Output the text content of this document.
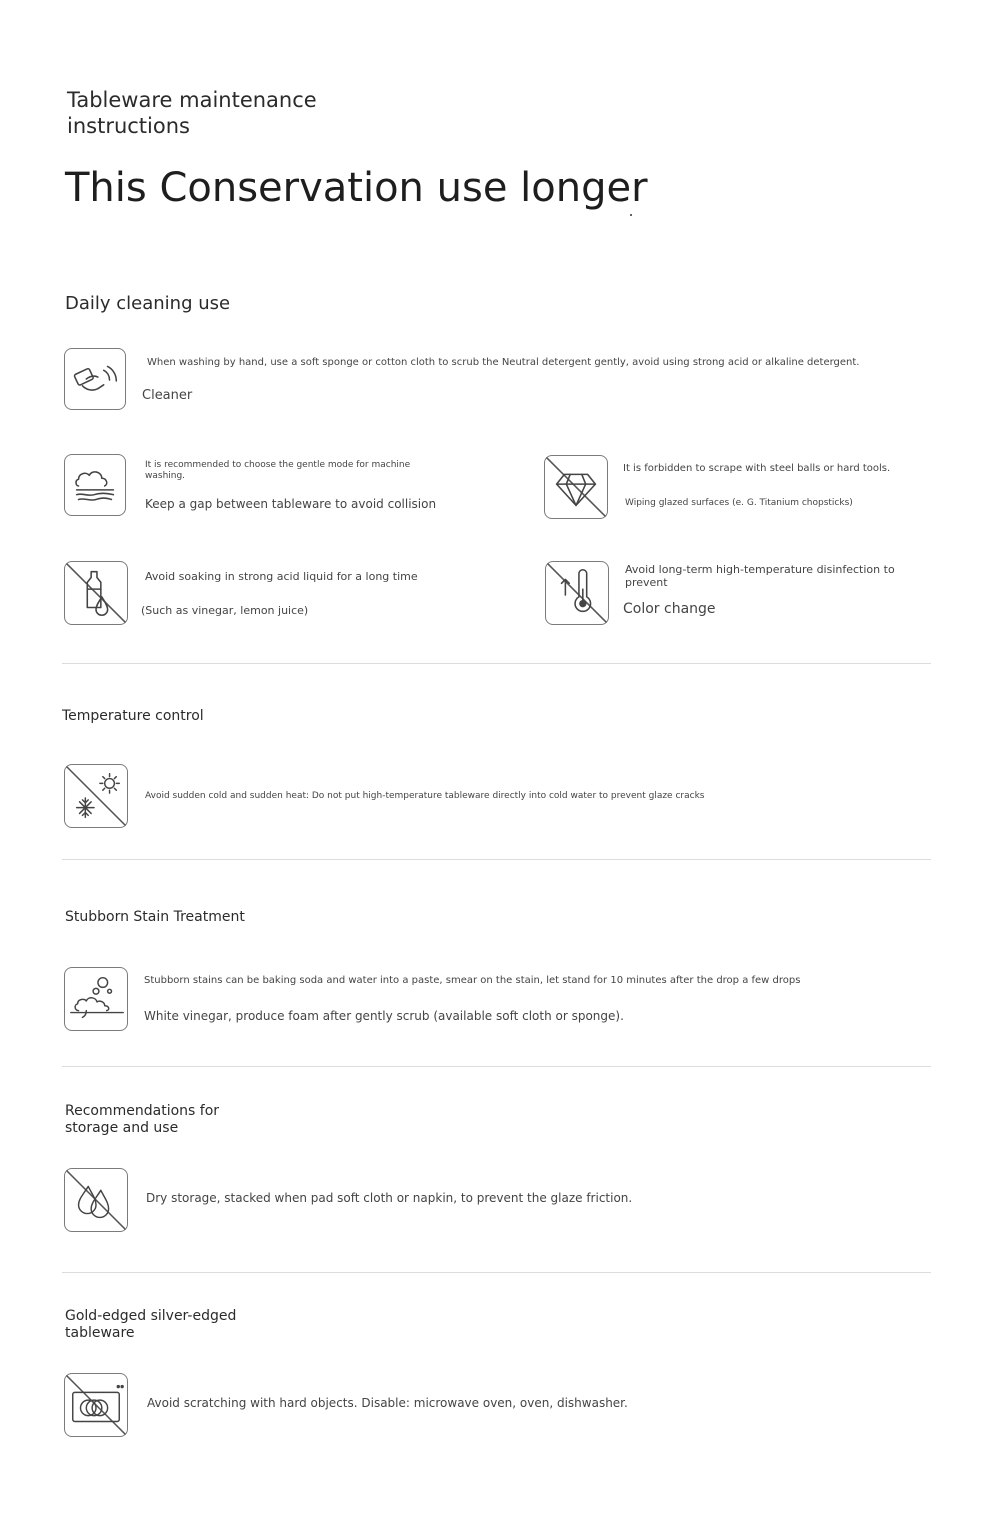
Tableware maintenance instructions
This Conservation use longer
Daily cleaning use
When washing by hand, use a soft sponge or cotton cloth to scrub the Neutral detergent gently, avoid using strong acid or alkaline detergent.
Cleaner
It is recommended to choose the gentle mode for machine washing.
Keep a gap between tableware to avoid collision
It is forbidden to scrape with steel balls or hard tools.
Wiping glazed surfaces (e. G. Titanium chopsticks)
Avoid soaking in strong acid liquid for a long time
(Such as vinegar, lemon juice)
Avoid long-term high-temperature disinfection to prevent
Color change
Temperature control
Avoid sudden cold and sudden heat: Do not put high-temperature tableware directly into cold water to prevent glaze cracks
Stubborn Stain Treatment
Stubborn stains can be baking soda and water into a paste, smear on the stain, let stand for 10 minutes after the drop a few drops
White vinegar, produce foam after gently scrub (available soft cloth or sponge).
Recommendations for storage and use
Dry storage, stacked when pad soft cloth or napkin, to prevent the glaze friction.
Gold-edged silver-edged tableware
Avoid scratching with hard objects. Disable: microwave oven, oven, dishwasher.
